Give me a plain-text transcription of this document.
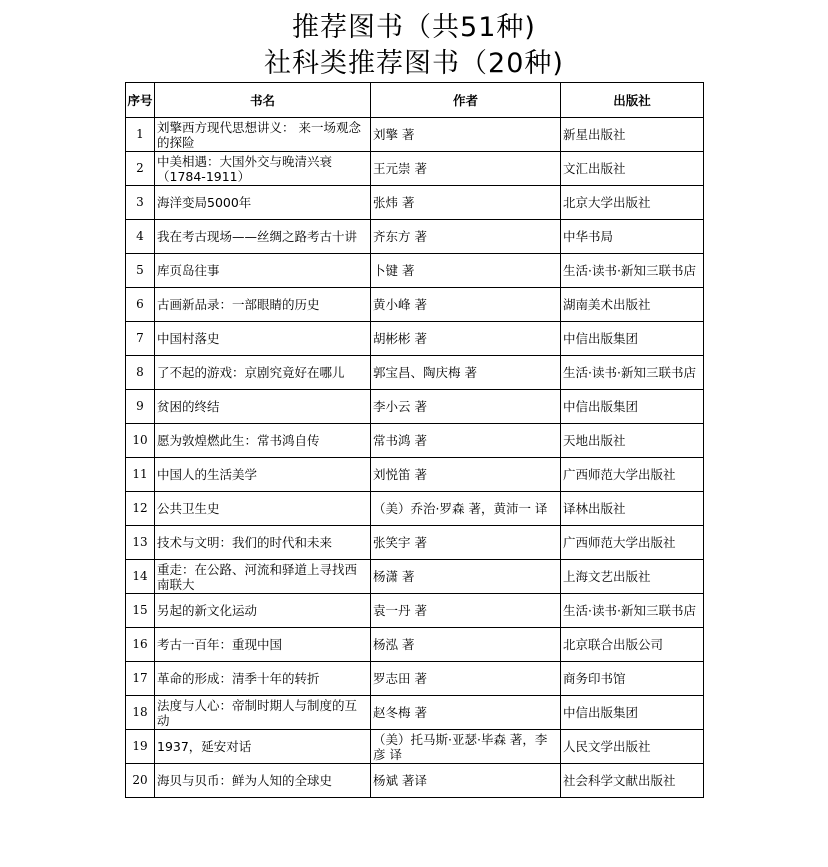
推荐图书（共51种)
社科类推荐图书（20种)
序号	书名	作者	出版社
1	刘擎西方现代思想讲义： 来一场观念的探险	刘擎 著	新星出版社
2	中美相遇：大国外交与晚清兴衰（1784-1911）	王元崇 著	文汇出版社
3	海洋变局5000年	张炜 著	北京大学出版社
4	我在考古现场——丝绸之路考古十讲	齐东方 著	中华书局
5	库页岛往事	卜键 著	生活·读书·新知三联书店
6	古画新品录：一部眼睛的历史	黄小峰 著	湖南美术出版社
7	中国村落史	胡彬彬 著	中信出版集团
8	了不起的游戏：京剧究竟好在哪儿	郭宝昌、陶庆梅 著	生活·读书·新知三联书店
9	贫困的终结	李小云 著	中信出版集团
10	愿为敦煌燃此生：常书鸿自传	常书鸿 著	天地出版社
11	中国人的生活美学	刘悦笛 著	广西师范大学出版社
12	公共卫生史	（美）乔治·罗森 著，黄沛一 译	译林出版社
13	技术与文明：我们的时代和未来	张笑宇 著	广西师范大学出版社
14	重走：在公路、河流和驿道上寻找西南联大	杨潇 著	上海文艺出版社
15	另起的新文化运动	袁一丹 著	生活·读书·新知三联书店
16	考古一百年：重现中国	杨泓 著	北京联合出版公司
17	革命的形成：清季十年的转折	罗志田 著	商务印书馆
18	法度与人心：帝制时期人与制度的互动	赵冬梅 著	中信出版集团
19	1937，延安对话	（美）托马斯·亚瑟·毕森 著，李彦 译	人民文学出版社
20	海贝与贝币：鲜为人知的全球史	杨斌 著译	社会科学文献出版社
